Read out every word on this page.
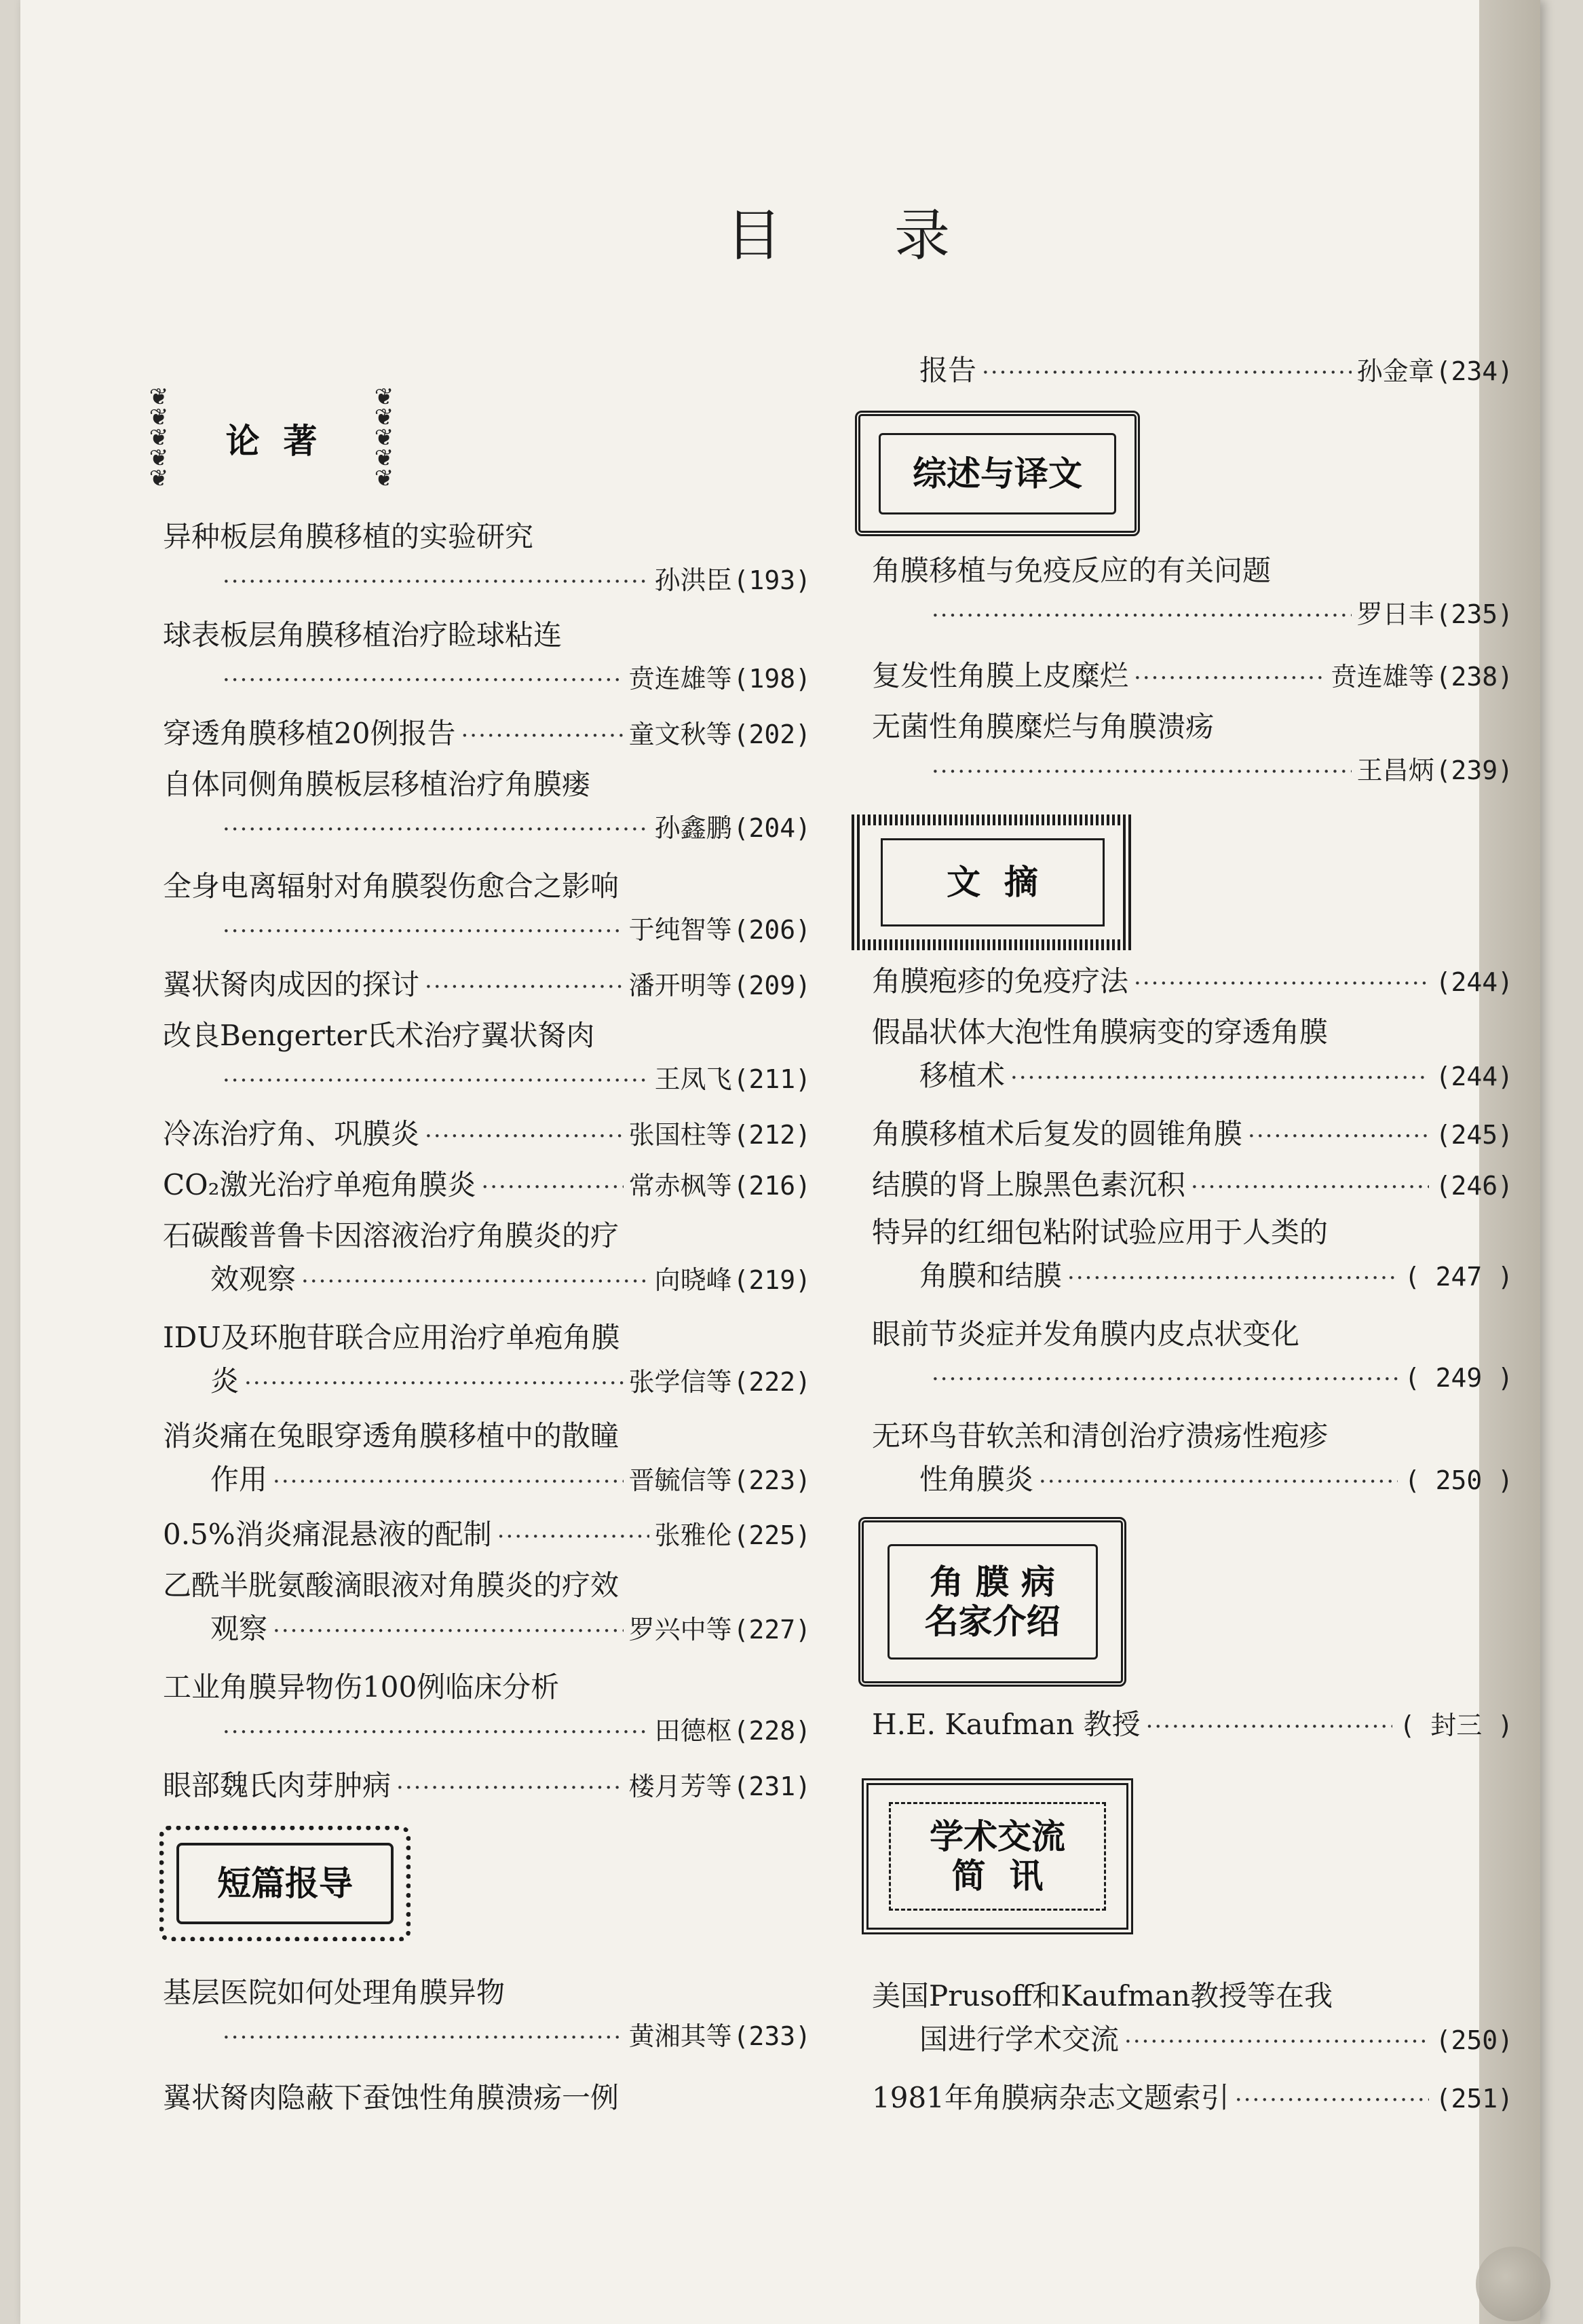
目 录
❦
❦
❦
❦
❦
论  著
❦
❦
❦
❦
❦
短篇报导
综述与译文
文  摘
角 膜 病
名家介绍
学术交流
简  讯
异种板层角膜移植的实验研究
·····
孙洪臣 (193)
球表板层角膜移植治疗睑球粘连
·····
贲连雄等 (198)
穿透角膜移植20例报告 ·····	童文秋等 (202)
自体同侧角膜板层移植治疗角膜瘘
·····
孙鑫鹏 (204)
全身电离辐射对角膜裂伤愈合之影响
·····
于纯智等 (206)
翼状胬肉成因的探讨 ·····	潘开明等 (209)
改良Bengerter氏术治疗翼状胬肉
·····
王凤飞 (211)
冷冻治疗角、巩膜炎 ·····	张国柱等 (212)
CO₂激光治疗单疱角膜炎 ·····	常赤枫等 (216)
石碳酸普鲁卡因溶液治疗角膜炎的疗
效观察 ·····	向晓峰 (219)
IDU及环胞苷联合应用治疗单疱角膜
炎 ·····	张学信等 (222)
消炎痛在兔眼穿透角膜移植中的散瞳
作用 ·····	晋毓信等 (223)
0.5%消炎痛混悬液的配制 ·····	张雅伦 (225)
乙酰半胱氨酸滴眼液对角膜炎的疗效
观察 ·····	罗兴中等 (227)
工业角膜异物伤100例临床分析
·····
田德枢 (228)
眼部魏氏肉芽肿病 ·····	楼月芳等 (231)
基层医院如何处理角膜异物
·····
黄湘其等 (233)
翼状胬肉隐蔽下蚕蚀性角膜溃疡一例
报告 ·····	孙金章 (234)
角膜移植与免疫反应的有关问题
·····
罗日丰 (235)
复发性角膜上皮糜烂 ·····	贲连雄等 (238)
无菌性角膜糜烂与角膜溃疡
·····
王昌炳 (239)
角膜疱疹的免疫疗法 ·····	(244)
假晶状体大泡性角膜病变的穿透角膜
移植术 ·····	(244)
角膜移植术后复发的圆锥角膜 ·····	(245)
结膜的肾上腺黑色素沉积 ·····	(246)
特异的红细包粘附试验应用于人类的
角膜和结膜 ·····	( 247 )
眼前节炎症并发角膜内皮点状变化
·····
( 249 )
无环鸟苷软羔和清创治疗溃疡性疱疹
性角膜炎 ·····	( 250 )
H.E. Kaufman 教授 ·····	( 封三 )
美国Prusoff和Kaufman教授等在我
国进行学术交流 ·····	(250)
1981年角膜病杂志文题索引 ·····	(251)
